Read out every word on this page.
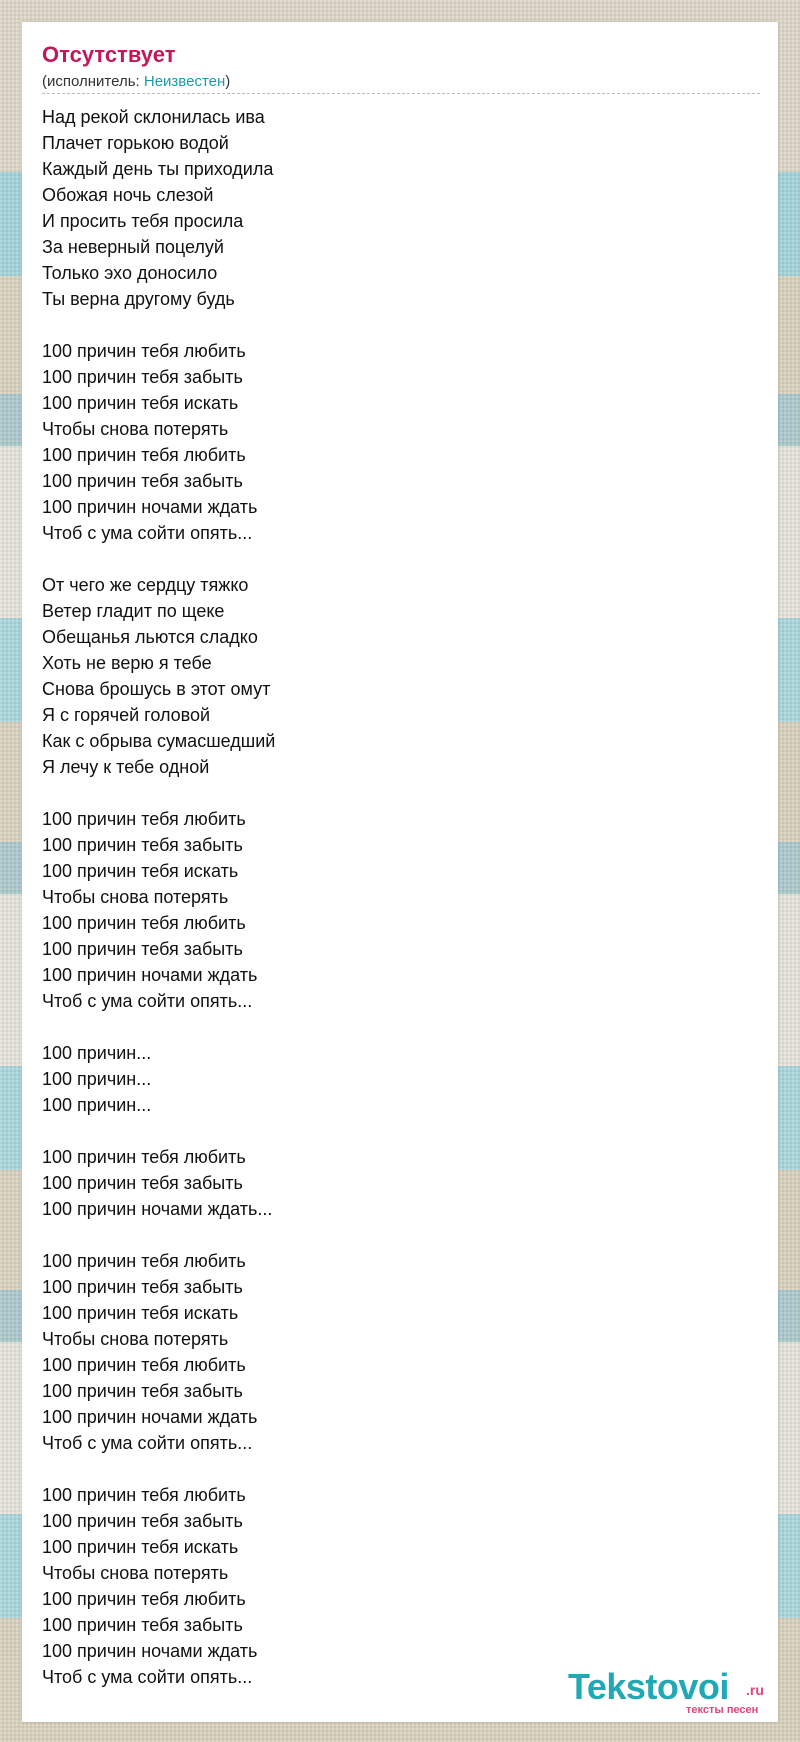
Отсутствует
(исполнитель: Неизвестен)
Над рекой склонилась ива
Плачет горькою водой
Каждый день ты приходила
Обожая ночь слезой
И просить тебя просила
За неверный поцелуй
Только эхо доносило
Ты верна другому будь
100 причин тебя любить
100 причин тебя забыть
100 причин тебя искать
Чтобы снова потерять
100 причин тебя любить
100 причин тебя забыть
100 причин ночами ждать
Чтоб с ума сойти опять...
От чего же сердцу тяжко
Ветер гладит по щеке
Обещанья льются сладко
Хоть не верю я тебе
Снова брошусь в этот омут
Я с горячей головой
Как с обрыва сумасшедший
Я лечу к тебе одной
100 причин тебя любить
100 причин тебя забыть
100 причин тебя искать
Чтобы снова потерять
100 причин тебя любить
100 причин тебя забыть
100 причин ночами ждать
Чтоб с ума сойти опять...
100 причин...
100 причин...
100 причин...
100 причин тебя любить
100 причин тебя забыть
100 причин ночами ждать...
100 причин тебя любить
100 причин тебя забыть
100 причин тебя искать
Чтобы снова потерять
100 причин тебя любить
100 причин тебя забыть
100 причин ночами ждать
Чтоб с ума сойти опять...
100 причин тебя любить
100 причин тебя забыть
100 причин тебя искать
Чтобы снова потерять
100 причин тебя любить
100 причин тебя забыть
100 причин ночами ждать
Чтоб с ума сойти опять...	Tekstovoi .ru
тексты песен
